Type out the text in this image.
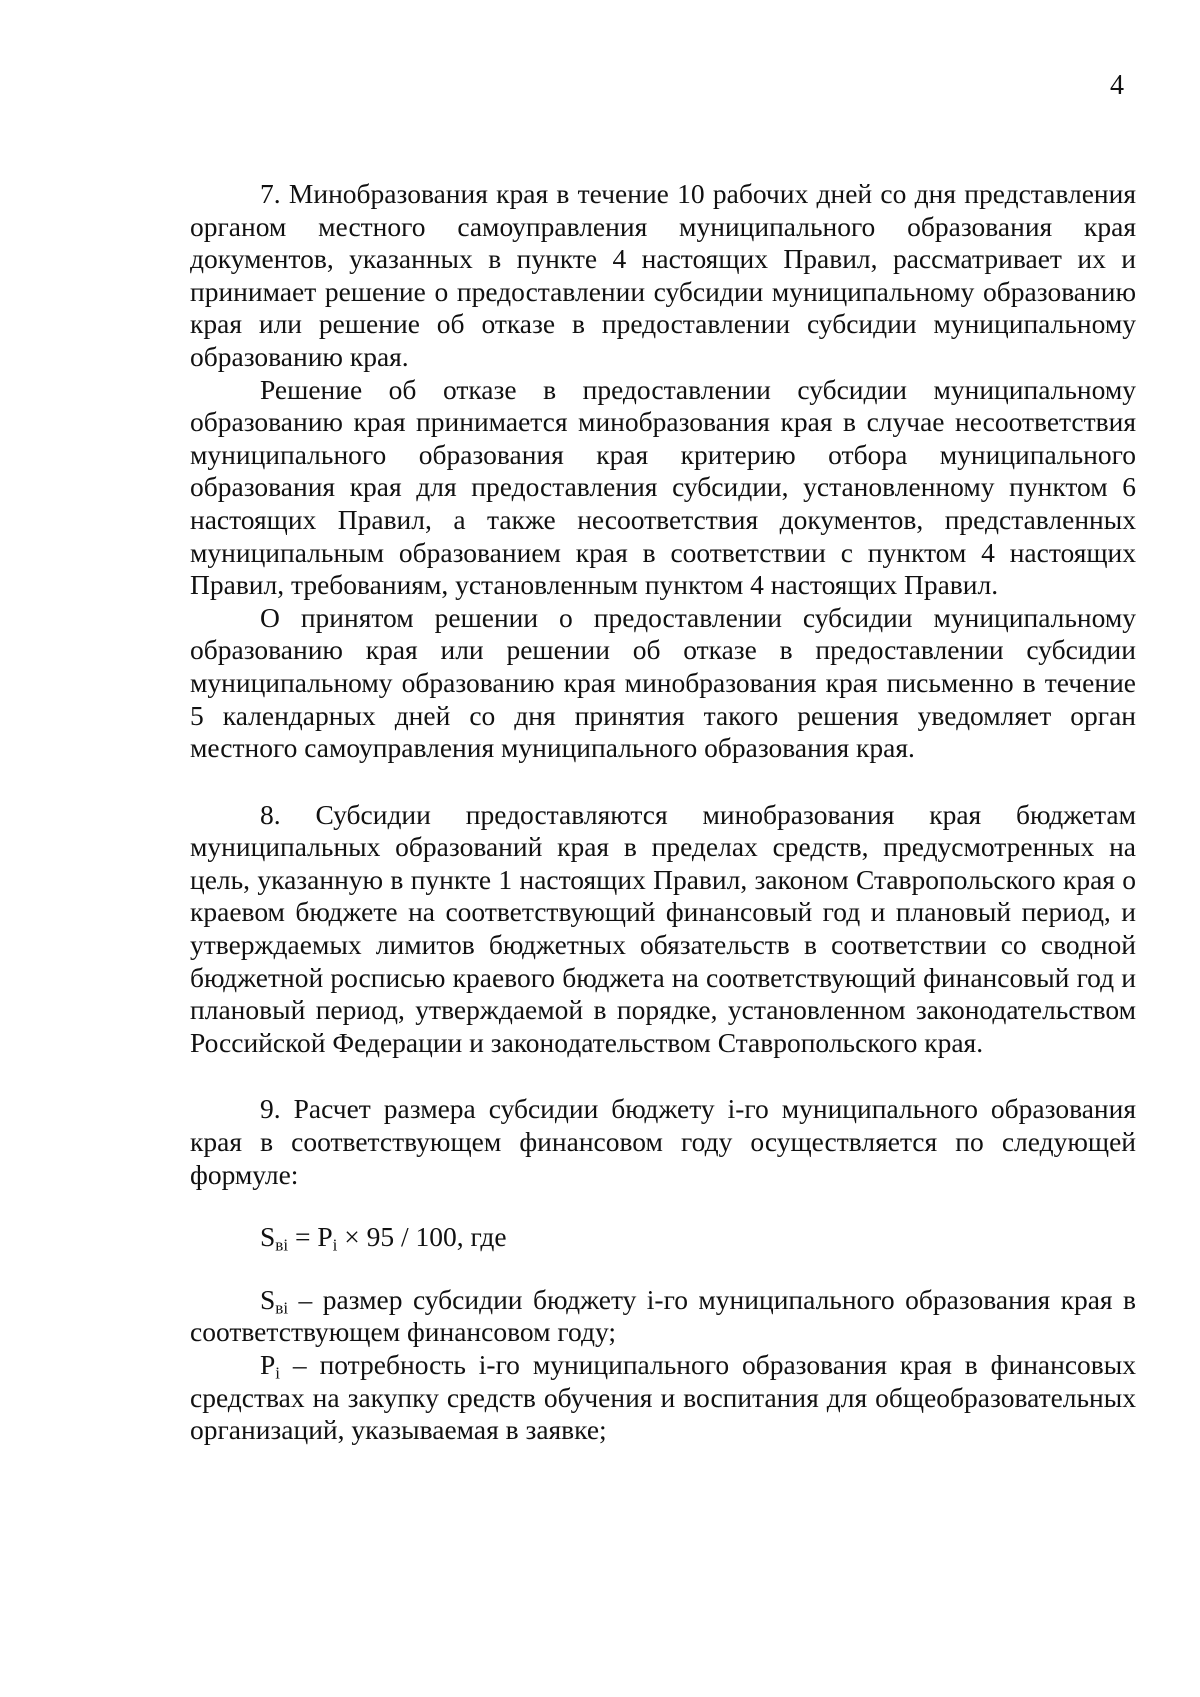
4

7. Минобразования края в течение 10 рабочих дней со дня представления органом местного самоуправления муниципального образования края документов, указанных в пункте 4 настоящих Правил, рассматривает их и принимает решение о предоставлении субсидии муниципальному образованию края или решение об отказе в предоставлении субсидии муниципальному образованию края.

Решение об отказе в предоставлении субсидии муниципальному образованию края принимается минобразования края в случае несоответствия муниципального образования края критерию отбора муниципального образования края для предоставления субсидии, установленному пунктом 6 настоящих Правил, а также несоответствия документов, представленных муниципальным образованием края в соответствии с пунктом 4 настоящих Правил, требованиям, установленным пунктом 4 настоящих Правил.

О принятом решении о предоставлении субсидии муниципальному образованию края или решении об отказе в предоставлении субсидии муниципальному образованию края минобразования края письменно в течение 5 календарных дней со дня принятия такого решения уведомляет орган местного самоуправления муниципального образования края.

8. Субсидии предоставляются минобразования края бюджетам муниципальных образований края в пределах средств, предусмотренных на цель, указанную в пункте 1 настоящих Правил, законом Ставропольского края о краевом бюджете на соответствующий финансовый год и плановый период, и утверждаемых лимитов бюджетных обязательств в соответствии со сводной бюджетной росписью краевого бюджета на соответствующий финансовый год и плановый период, утверждаемой в порядке, установленном законодательством Российской Федерации и законодательством Ставропольского края.

9. Расчет размера субсидии бюджету i-го муниципального образования края в соответствующем финансовом году осуществляется по следующей формуле:

$S_{вi} = P_i \times 95 / 100$, где

$S_{вi}$ – размер субсидии бюджету i-го муниципального образования края в соответствующем финансовом году;

$P_i$ – потребность i-го муниципального образования края в финансовых средствах на закупку средств обучения и воспитания для общеобразовательных организаций, указываемая в заявке;
